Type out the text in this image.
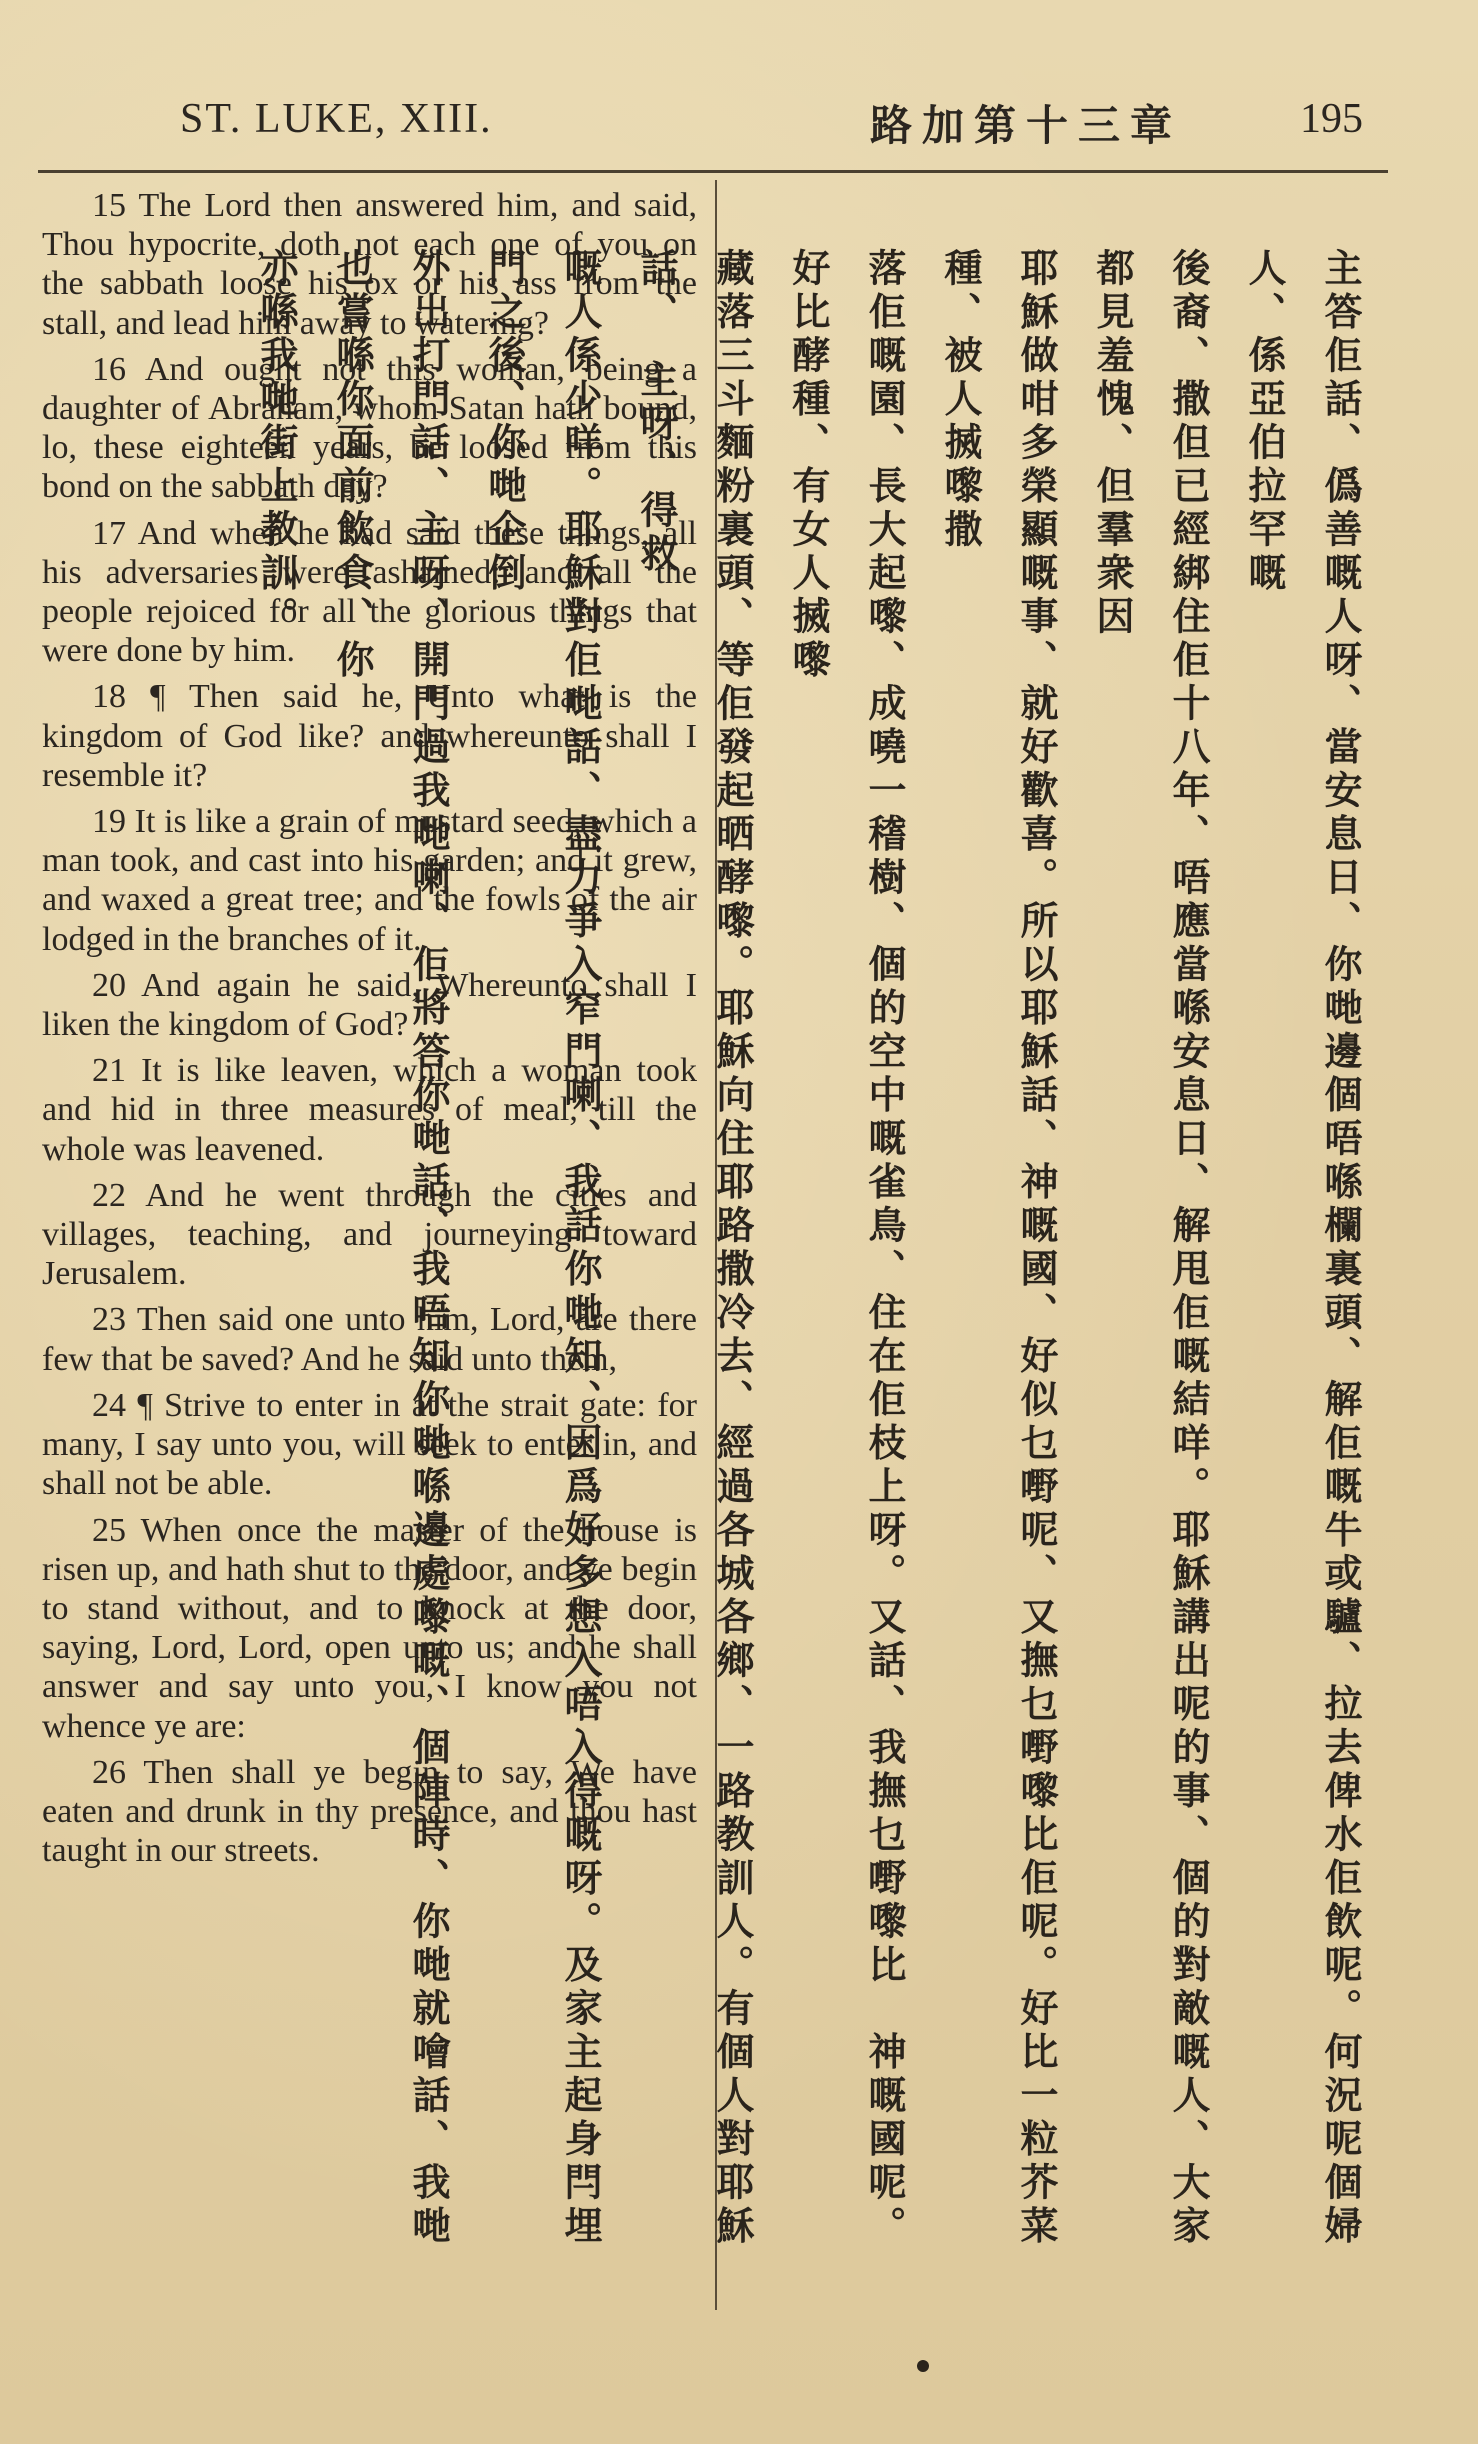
ST. LUKE, XIII.	路加第十三章	195

15 The Lord then answered him, and said, Thou hypocrite, doth not each one of you on the sabbath loose his ox or his ass from the stall, and lead him away to watering?

16 And ought not this woman, being a daughter of Abraham, whom Satan hath bound, lo, these eighteen years, be loosed from this bond on the sabbath day?

17 And when he had said these things, all his adversaries were ashamed: and all the people rejoiced for all the glorious things that were done by him.

18 ¶ Then said he, Unto what is the kingdom of God like? and whereunto shall I resemble it?

19 It is like a grain of mustard seed, which a man took, and cast into his garden; and it grew, and waxed a great tree; and the fowls of the air lodged in the branches of it.

20 And again he said, Whereunto shall I liken the kingdom of God?

21 It is like leaven, which a woman took and hid in three measures of meal, till the whole was leavened.

22 And he went through the cities and villages, teaching, and journeying toward Jerusalem.

23 Then said one unto him, Lord, are there few that be saved? And he said unto them,

24 ¶ Strive to enter in at the strait gate: for many, I say unto you, will seek to enter in, and shall not be able.

25 When once the master of the house is risen up, and hath shut to the door, and ye begin to stand without, and to knock at the door, saying, Lord, Lord, open unto us; and he shall answer and say unto you, I know you not whence ye are:

26 Then shall ye begin to say, We have eaten and drunk in thy presence, and thou hast taught in our streets.	主答佢話、僞善嘅人呀、當安息日、你哋邊個唔喺欄裏頭、解佢嘅牛或驢、拉去俾水佢飲呢。何況呢個婦人、係亞伯拉罕嘅
後裔、撒但已經綁住佢十八年、唔應當喺安息日、解甩佢嘅結咩。耶穌講出呢的事、個的對敵嘅人、大家都見羞愧、但羣衆因
耶穌做咁多榮顯嘅事、就好歡喜。所以耶穌話、神嘅國、好似乜嘢呢、又撫乜嘢嚟比佢呢。好比一粒芥菜種、被人搣嚟撒
落佢嘅園、長大起嚟、成嘵一𥡴樹、個的空中嘅雀鳥、住在佢枝上呀。又話、我撫乜嘢嚟比　神嘅國呢。好比酵種、有女人搣嚟
藏落三斗麵粉裏頭、等佢發起晒酵嚟。耶穌向住耶路撒冷去、經過各城各鄉、一路教訓人。有個人對耶穌話、　主呀、得救
嘅人係少咩。耶穌對佢哋話、盡力爭入窄門喇、我話你哋知、因爲好多想入唔入得嘅呀。及家主起身閂埋門之後、你哋企倒
外出打門話、主呀、開門過我哋喇、佢將答你哋話、我唔知你哋喺邊處嚟嘅、個陣時、你哋就噲話、我哋也嘗喺你面前飲食、你
亦喺我哋街上教訓。
